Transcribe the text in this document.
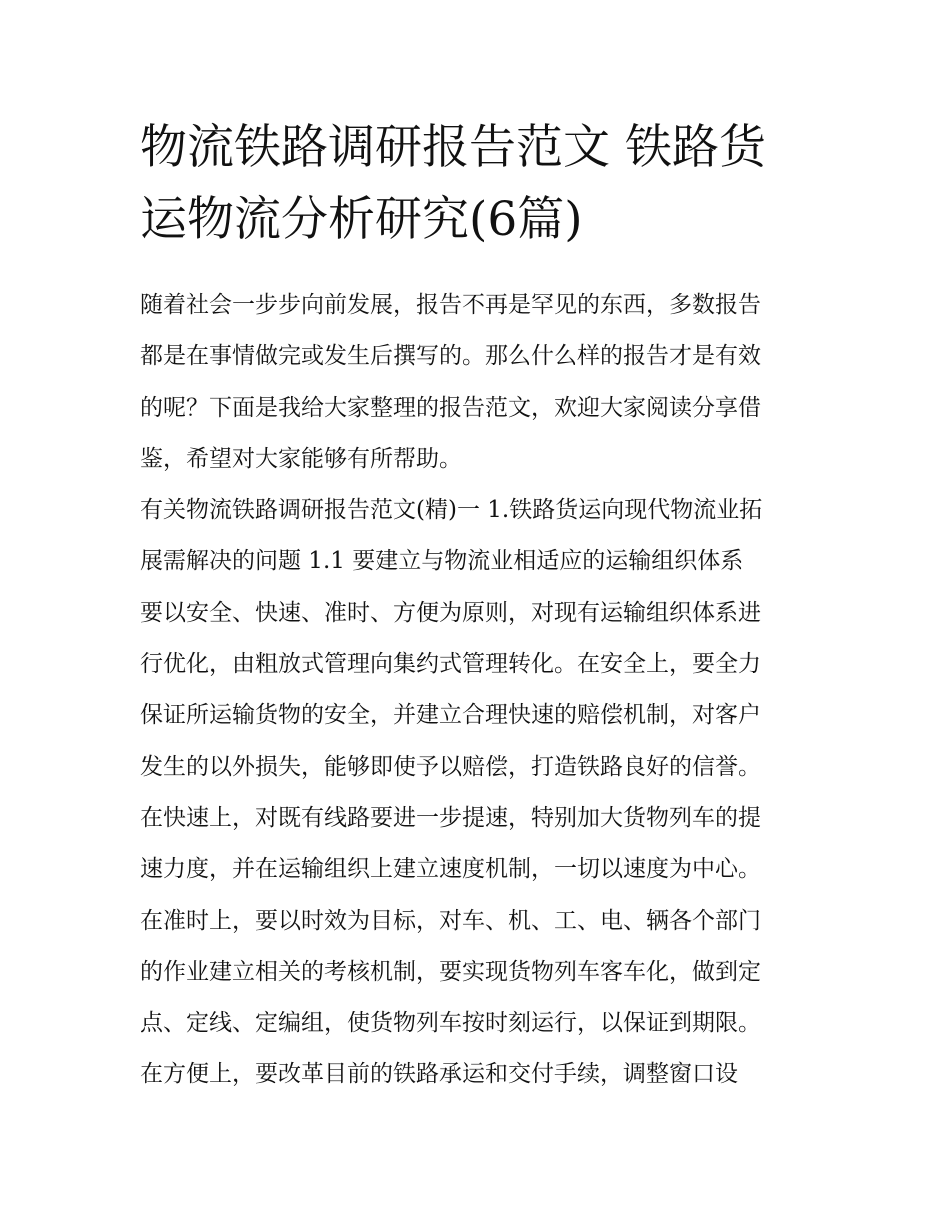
物流铁路调研报告范文 铁路货
运物流分析研究(6篇)
随着社会一步步向前发展，报告不再是罕见的东西，多数报告
都是在事情做完或发生后撰写的。那么什么样的报告才是有效
的呢？下面是我给大家整理的报告范文，欢迎大家阅读分享借
鉴，希望对大家能够有所帮助。
有关物流铁路调研报告范文(精)一 1.铁路货运向现代物流业拓
展需解决的问题 1.1 要建立与物流业相适应的运输组织体系
要以安全、快速、准时、方便为原则，对现有运输组织体系进
行优化，由粗放式管理向集约式管理转化。在安全上，要全力
保证所运输货物的安全，并建立合理快速的赔偿机制，对客户
发生的以外损失，能够即使予以赔偿，打造铁路良好的信誉。
在快速上，对既有线路要进一步提速，特别加大货物列车的提
速力度，并在运输组织上建立速度机制，一切以速度为中心。
在准时上，要以时效为目标，对车、机、工、电、辆各个部门
的作业建立相关的考核机制，要实现货物列车客车化，做到定
点、定线、定编组，使货物列车按时刻运行，以保证到期限。
在方便上，要改革目前的铁路承运和交付手续，调整窗口设
